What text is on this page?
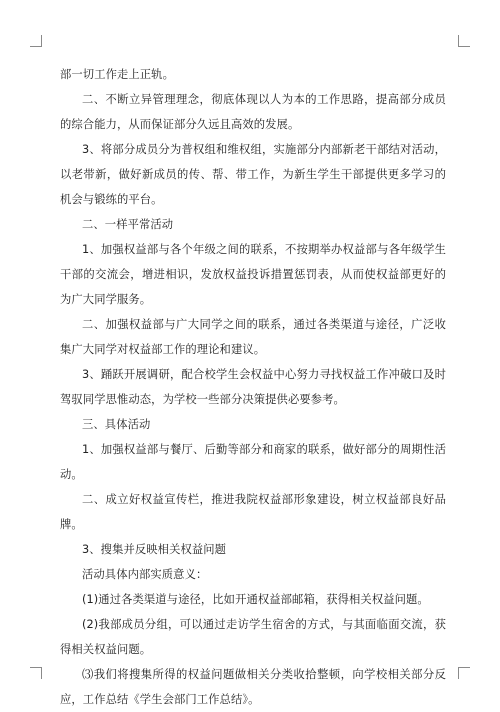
部一切工作走上正轨。

二、不断立异管理理念，彻底体现以人为本的工作思路，提高部分成员的综合能力，从而保证部分久远且高效的发展。

3、将部分成员分为普权组和维权组，实施部分内部新老干部结对活动，以老带新，做好新成员的传、帮、带工作，为新生学生干部提供更多学习的机会与锻练的平台。

二、一样平常活动

1、加强权益部与各个年级之间的联系，不按期举办权益部与各年级学生干部的交流会，增进相识，发放权益投诉措置惩罚表，从而使权益部更好的为广大同学服务。

二、加强权益部与广大同学之间的联系，通过各类渠道与途径，广泛收集广大同学对权益部工作的理论和建议。

3、踊跃开展调研，配合校学生会权益中心努力寻找权益工作冲破口及时驾驭同学思惟动态，为学校一些部分决策提供必要参考。

三、具体活动

1、加强权益部与餐厅、后勤等部分和商家的联系，做好部分的周期性活动。

二、成立好权益宣传栏，推进我院权益部形象建设，树立权益部良好品牌。

3、搜集并反映相关权益问题

活动具体内部实质意义：

(1)通过各类渠道与途径，比如开通权益部邮箱，获得相关权益问题。

(2)我部成员分组，可以通过走访学生宿舍的方式，与其面临面交流，获得相关权益问题。

⑶我们将搜集所得的权益问题做相关分类收拾整顿，向学校相关部分反应，工作总结《学生会部门工作总结》。
